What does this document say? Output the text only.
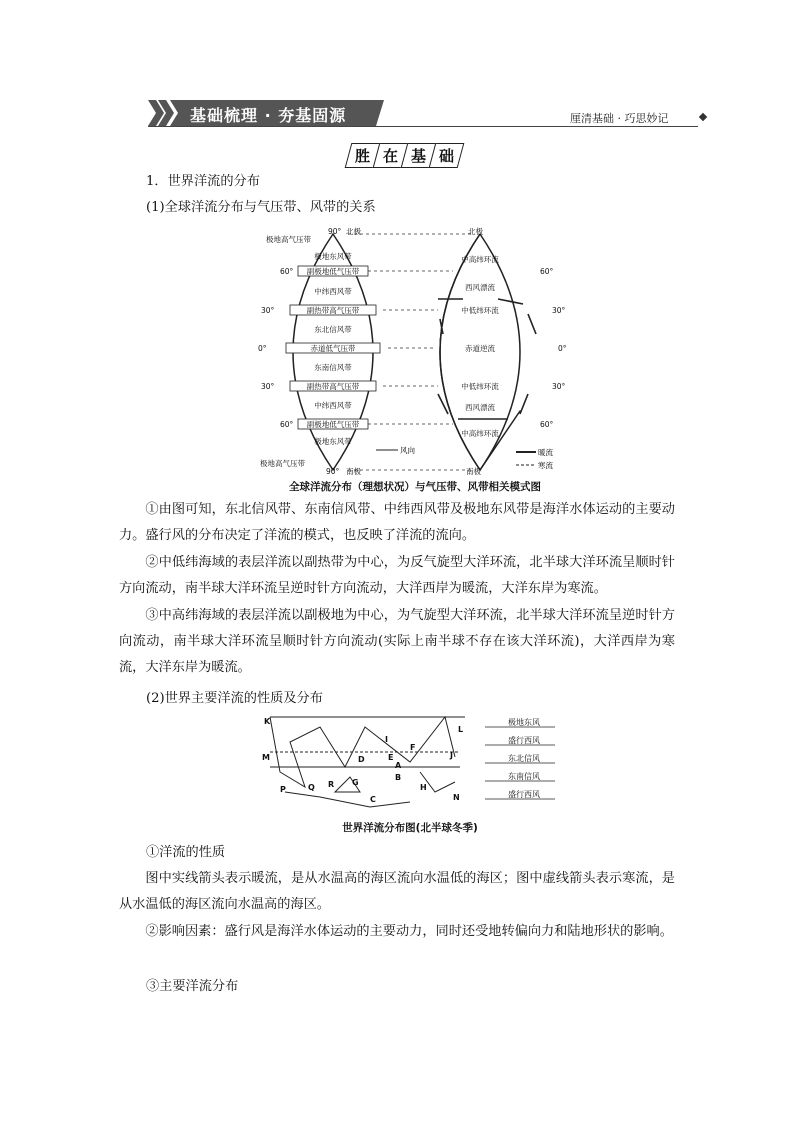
基础梳理 · 夯基固源	厘清基础 · 巧思妙记
胜 在 基 础
1．世界洋流的分布
(1)全球洋流分布与气压带、风带的关系
极地东风带
副极地低气压带
中纬西风带
副热带高气压带
东北信风带
赤道低气压带
东南信风带
副热带高气压带
中纬西风带
副极地低气压带
极地东风带
极地高气压带
极地高气压带
90° 北极
60°
30°
0°
30°
60°
90° 南极
北极
南极
中高纬环流
西风漂流
中低纬环流
赤道逆流
中低纬环流
西风漂流
中高纬环流
60°
30°
0°
30°
60°
风向	暖流
寒流
全球洋流分布（理想状况）与气压带、风带相关模式图
①由图可知，东北信风带、东南信风带、中纬西风带及极地东风带是海洋水体运动的主要动力。盛行风的分布决定了洋流的模式，也反映了洋流的流向。
②中低纬海域的表层洋流以副热带为中心，为反气旋型大洋环流，北半球大洋环流呈顺时针方向流动，南半球大洋环流呈逆时针方向流动，大洋西岸为暖流，大洋东岸为寒流。
③中高纬海域的表层洋流以副极地为中心，为气旋型大洋环流，北半球大洋环流呈逆时针方向流动，南半球大洋环流呈顺时针方向流动(实际上南半球不存在该大洋环流)，大洋西岸为寒流，大洋东岸为暖流。
(2)世界主要洋流的性质及分布
K
L
M	J
I
F
D	E
A
B
R G
P	Q	H
N
C
极地东风
盛行西风
东北信风
东南信风
盛行西风
世界洋流分布图(北半球冬季)
①洋流的性质
图中实线箭头表示暖流，是从水温高的海区流向水温低的海区；图中虚线箭头表示寒流，是从水温低的海区流向水温高的海区。
②影响因素：盛行风是海洋水体运动的主要动力，同时还受地转偏向力和陆地形状的影响。
③主要洋流分布
